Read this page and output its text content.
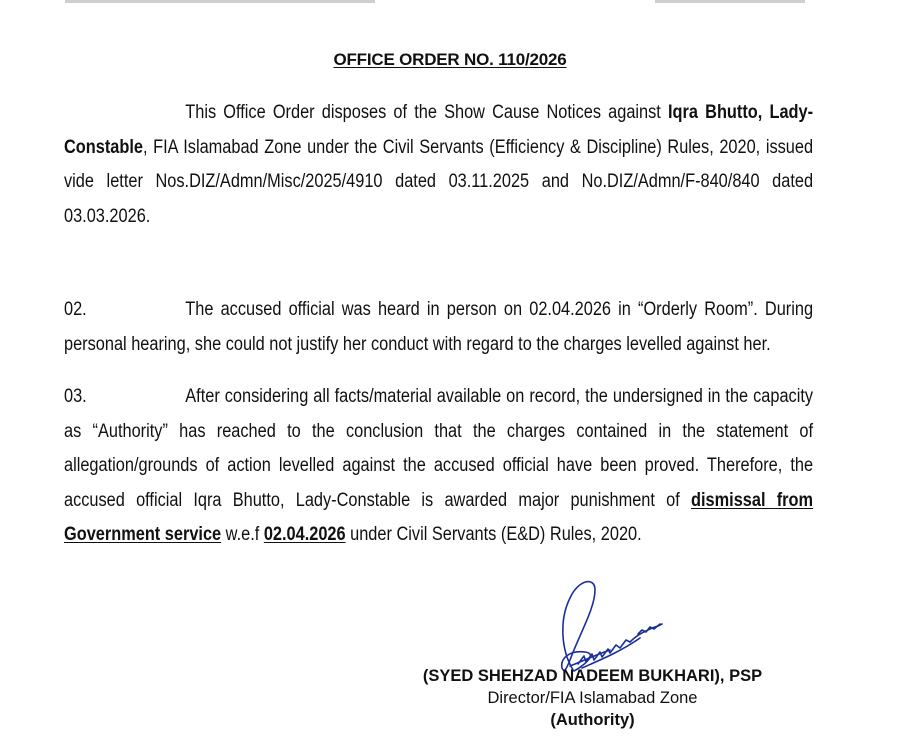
OFFICE ORDER NO. 110/2026
This Office Order disposes of the Show Cause Notices against Iqra Bhutto, Lady-Constable, FIA Islamabad Zone under the Civil Servants (Efficiency & Discipline) Rules, 2020, issued vide letter Nos.DIZ/Admn/Misc/2025/4910 dated 03.11.2025 and No.DIZ/Admn/F-840/840 dated 03.03.2026.
02.	The accused official was heard in person on 02.04.2026 in “Orderly Room”. During personal hearing, she could not justify her conduct with regard to the charges levelled against her.
03.	After considering all facts/material available on record, the undersigned in the capacity as “Authority” has reached to the conclusion that the charges contained in the statement of allegation/grounds of action levelled against the accused official have been proved. Therefore, the accused official Iqra Bhutto, Lady-Constable is awarded major punishment of dismissal from Government service w.e.f 02.04.2026 under Civil Servants (E&D) Rules, 2020.
(SYED SHEHZAD NADEEM BUKHARI), PSP
Director/FIA Islamabad Zone
(Authority)
